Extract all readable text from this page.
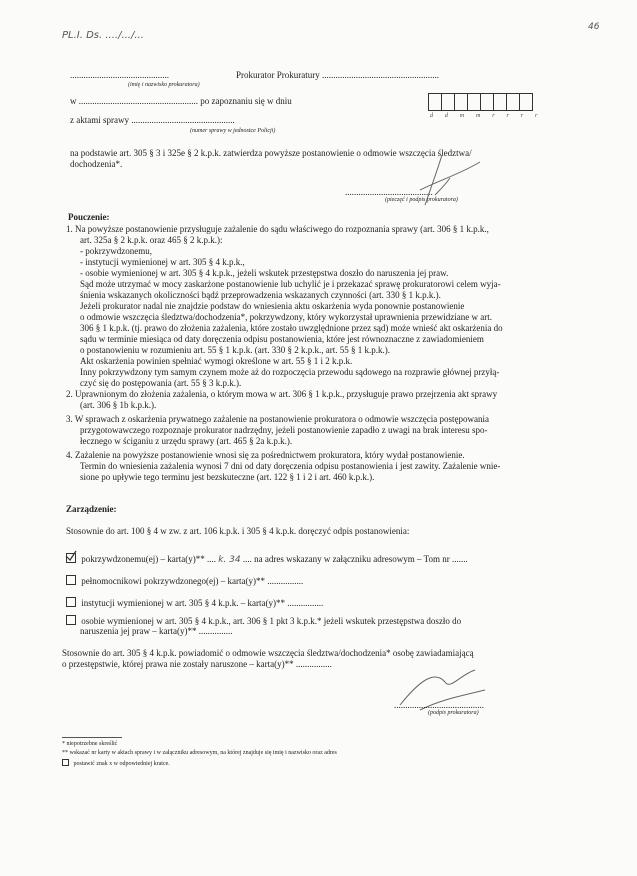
PL.I. Ds. ..../.../...
46
............................................	Prokurator Prokuratury ....................................................
(imię i nazwisko prokuratora)
w ..................................................... po zapoznaniu się w dniu
d d m m r r r r
z aktami sprawy ..............................................
(numer sprawy w jednostce Policji)
na podstawie art. 305 § 3 i 325e § 2 k.p.k. zatwierdza powyższe postanowienie o odmowie wszczęcia śledztwa/
dochodzenia*.
.......................................
(pieczęć i podpis prokuratora)
Pouczenie:
1. Na powyższe postanowienie przysługuje zażalenie do sądu właściwego do rozpoznania sprawy (art. 306 § 1 k.p.k.,
art. 325a § 2 k.p.k. oraz 465 § 2 k.p.k.):
- pokrzywdzonemu,
- instytucji wymienionej w art. 305 § 4 k.p.k.,
- osobie wymienionej w art. 305 § 4 k.p.k., jeżeli wskutek przestępstwa doszło do naruszenia jej praw.
Sąd może utrzymać w mocy zaskarżone postanowienie lub uchylić je i przekazać sprawę prokuratorowi celem wyja-
śnienia wskazanych okoliczności bądź przeprowadzenia wskazanych czynności (art. 330 § 1 k.p.k.).
Jeżeli prokurator nadal nie znajdzie podstaw do wniesienia aktu oskarżenia wyda ponownie postanowienie
o odmowie wszczęcia śledztwa/dochodzenia*, pokrzywdzony, który wykorzystał uprawnienia przewidziane w art.
306 § 1 k.p.k. (tj. prawo do złożenia zażalenia, które zostało uwzględnione przez sąd) może wnieść akt oskarżenia do
sądu w terminie miesiąca od daty doręczenia odpisu postanowienia, które jest równoznaczne z zawiadomieniem
o postanowieniu w rozumieniu art. 55 § 1 k.p.k. (art. 330 § 2 k.p.k., art. 55 § 1 k.p.k.).
Akt oskarżenia powinien spełniać wymogi określone w art. 55 § 1 i 2 k.p.k.
Inny pokrzywdzony tym samym czynem może aż do rozpoczęcia przewodu sądowego na rozprawie głównej przyłą-
czyć się do postępowania (art. 55 § 3 k.p.k.).
2. Uprawnionym do złożenia zażalenia, o którym mowa w art. 306 § 1 k.p.k., przysługuje prawo przejrzenia akt sprawy
(art. 306 § 1b k.p.k.).
3. W sprawach z oskarżenia prywatnego zażalenie na postanowienie prokuratora o odmowie wszczęcia postępowania
przygotowawczego rozpoznaje prokurator nadrzędny, jeżeli postanowienie zapadło z uwagi na brak interesu spo-
łecznego w ściganiu z urzędu sprawy (art. 465 § 2a k.p.k.).
4. Zażalenie na powyższe postanowienie wnosi się za pośrednictwem prokuratora, który wydał postanowienie.
Termin do wniesienia zażalenia wynosi 7 dni od daty doręczenia odpisu postanowienia i jest zawity. Zażalenie wnie-
sione po upływie tego terminu jest bezskuteczne (art. 122 § 1 i 2 i art. 460 k.p.k.).
Zarządzenie:
Stosownie do art. 100 § 4 w zw. z art. 106 k.p.k. i 305 § 4 k.p.k. doręczyć odpis postanowienia:
pokrzywdzonemu(ej) – karta(y)** .... k. 34 .... na adres wskazany w załączniku adresowym – Tom nr .......
pełnomocnikowi pokrzywdzonego(ej) – karta(y)** ................
instytucji wymienionej w art. 305 § 4 k.p.k. – karta(y)** ................
osobie wymienionej w art. 305 § 4 k.p.k., art. 306 § 1 pkt 3 k.p.k.* jeżeli wskutek przestępstwa doszło do
naruszenia jej praw – karta(y)** ...............
Stosownie do art. 305 § 4 k.p.k. powiadomić o odmowie wszczęcia śledztwa/dochodzenia* osobę zawiadamiającą
o przestępstwie, której prawa nie zostały naruszone – karta(y)** ................
........................................
(podpis prokuratora)
* niepotrzebne skreślić
** wskazać nr karty w aktach sprawy i w załączniku adresowym, na której znajduje się imię i nazwisko oraz adres
postawić znak x w odpowiedniej kratce.
